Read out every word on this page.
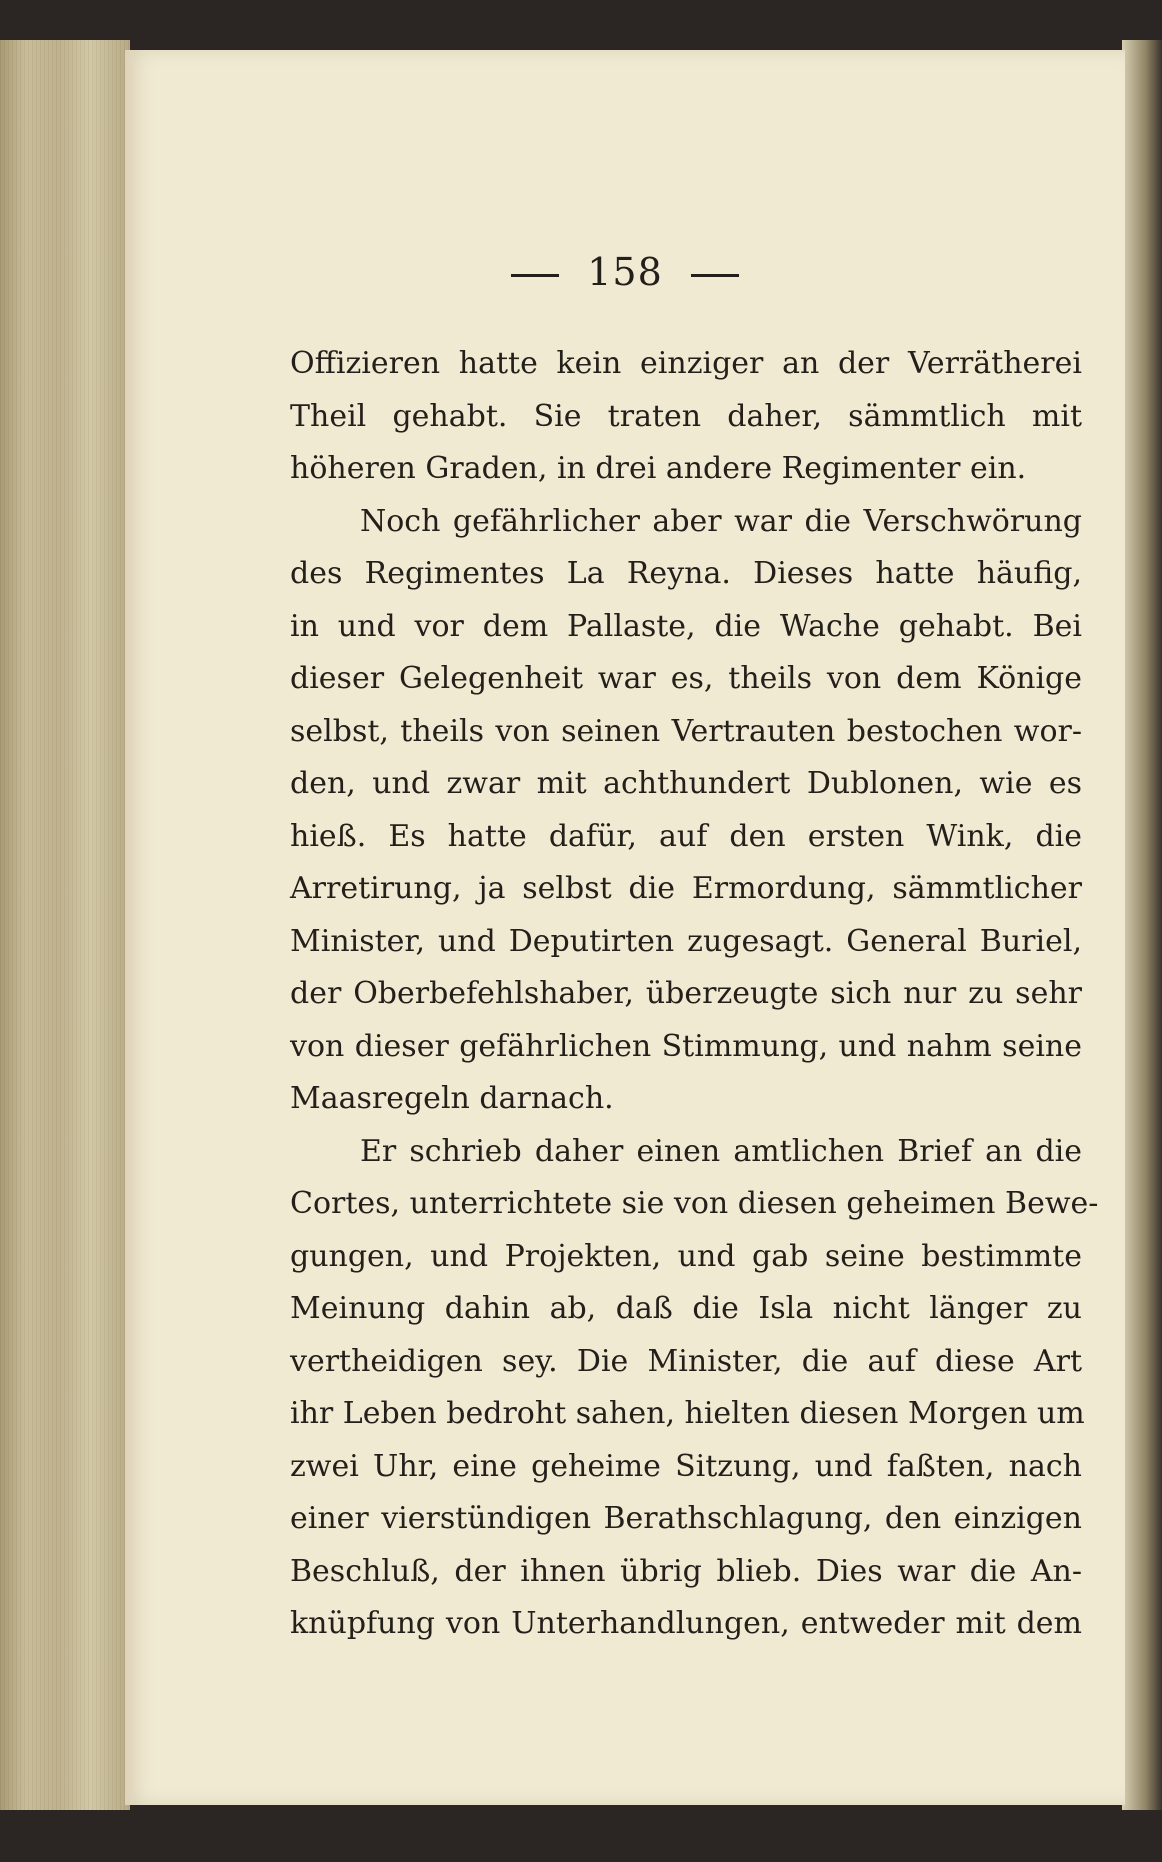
158
Offizieren hatte kein einziger an der Verrätherei
Theil gehabt. Sie traten daher, sämmtlich mit
höheren Graden, in drei andere Regimenter ein.
Noch gefährlicher aber war die Verschwörung
des Regimentes La Reyna. Dieses hatte häufig,
in und vor dem Pallaste, die Wache gehabt. Bei
dieser Gelegenheit war es, theils von dem Könige
selbst, theils von seinen Vertrauten bestochen wor-
den, und zwar mit achthundert Dublonen, wie es
hieß. Es hatte dafür, auf den ersten Wink, die
Arretirung, ja selbst die Ermordung, sämmtlicher
Minister, und Deputirten zugesagt. General Buriel,
der Oberbefehlshaber, überzeugte sich nur zu sehr
von dieser gefährlichen Stimmung, und nahm seine
Maasregeln darnach.
Er schrieb daher einen amtlichen Brief an die
Cortes, unterrichtete sie von diesen geheimen Bewe-
gungen, und Projekten, und gab seine bestimmte
Meinung dahin ab, daß die Isla nicht länger zu
vertheidigen sey. Die Minister, die auf diese Art
ihr Leben bedroht sahen, hielten diesen Morgen um
zwei Uhr, eine geheime Sitzung, und faßten, nach
einer vierstündigen Berathschlagung, den einzigen
Beschluß, der ihnen übrig blieb. Dies war die An-
knüpfung von Unterhandlungen, entweder mit dem
